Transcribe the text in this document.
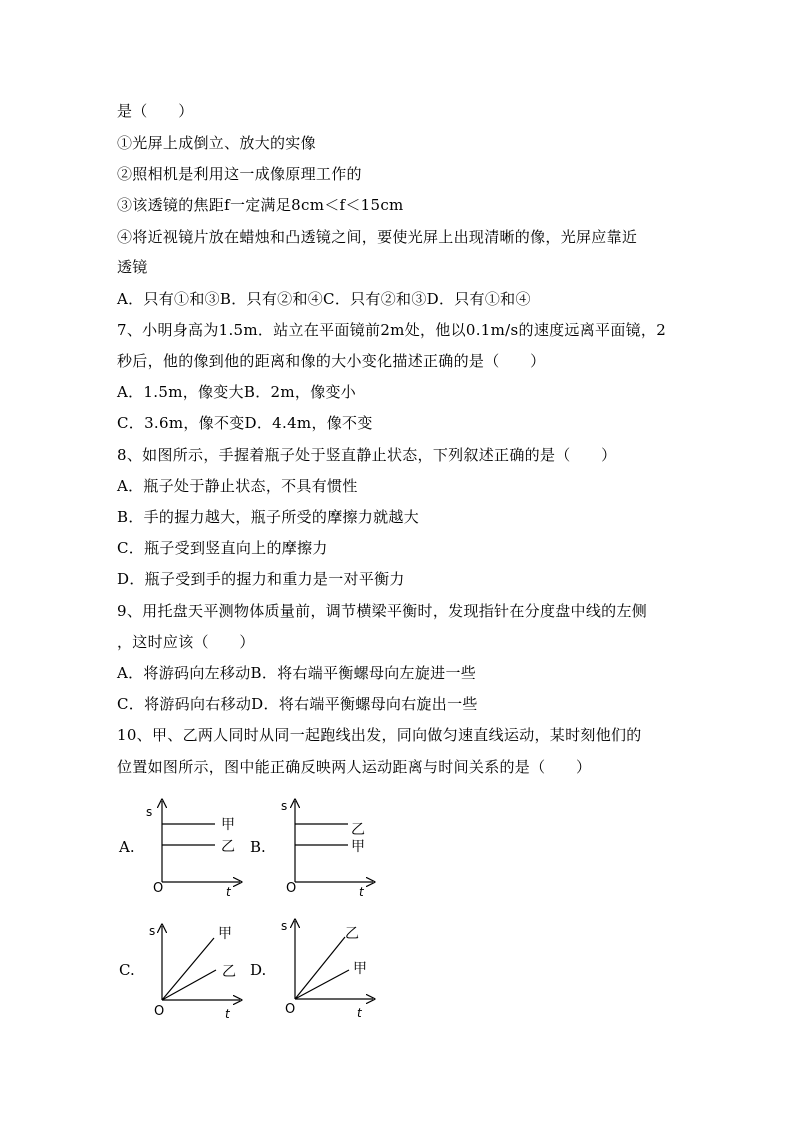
是（　　）
①光屏上成倒立、放大的实像
②照相机是利用这一成像原理工作的
③该透镜的焦距f一定满足8cm＜f＜15cm
④将近视镜片放在蜡烛和凸透镜之间，要使光屏上出现清晰的像，光屏应靠近
透镜
A．只有①和③B．只有②和④C．只有②和③D．只有①和④
7、小明身高为1.5m．站立在平面镜前2m处，他以0.1m/s的速度远离平面镜，2
秒后，他的像到他的距离和像的大小变化描述正确的是（　　）
A．1.5m，像变大B．2m，像变小
C．3.6m，像不变D．4.4m，像不变
8、如图所示，手握着瓶子处于竖直静止状态，下列叙述正确的是（　　）
A．瓶子处于静止状态，不具有惯性
B．手的握力越大，瓶子所受的摩擦力就越大
C．瓶子受到竖直向上的摩擦力
D．瓶子受到手的握力和重力是一对平衡力
9、用托盘天平测物体质量前，调节横梁平衡时，发现指针在分度盘中线的左侧
，这时应该（　　）
A．将游码向左移动B．将右端平衡螺母向左旋进一些
C．将游码向右移动D．将右端平衡螺母向右旋出一些
10、甲、乙两人同时从同一起跑线出发，同向做匀速直线运动，某时刻他们的
位置如图所示，图中能正确反映两人运动距离与时间关系的是（　　）
A.	B.
C.	D.
s
t
O
甲
乙
s
t
O
乙
甲
s
t
O
甲
乙
s
t
O
乙
甲
